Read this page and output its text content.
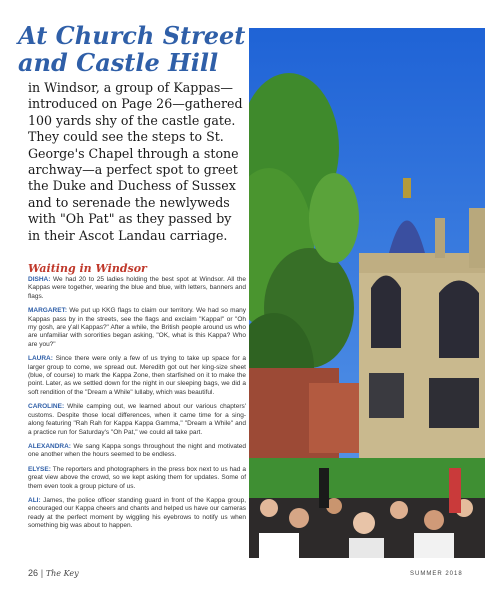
At Church Street
and Castle Hill

in Windsor, a group of Kappas—introduced on Page 26—gathered 100 yards shy of the castle gate. They could see the steps to St. George's Chapel through a stone archway—a perfect spot to greet the Duke and Duchess of Sussex and to serenade the newlyweds with "Oh Pat" as they passed by in their Ascot Landau carriage.

Waiting in Windsor

DISHA: We had 20 to 25 ladies holding the best spot at Windsor. All the Kappas were together, wearing the blue and blue, with letters, banners and flags.

MARGARET: We put up KKG flags to claim our territory. We had so many Kappas pass by in the streets, see the flags and exclaim "Kappa!" or "Oh my gosh, are y'all Kappas?" After a while, the British people around us who are unfamiliar with sororities began asking, "OK, what is this Kappa? Who are you?"

LAURA: Since there were only a few of us trying to take up space for a larger group to come, we spread out. Meredith got out her king-size sheet (blue, of course) to mark the Kappa Zone, then starfished on it to make the point. Later, as we settled down for the night in our sleeping bags, we did a soft rendition of the "Dream a While" lullaby, which was beautiful.

CAROLINE: While camping out, we learned about our various chapters' customs. Despite those local differences, when it came time for a sing-along featuring "Rah Rah for Kappa Kappa Gamma," "Dream a While" and a practice run for Saturday's "Oh Pat," we could all take part.

ALEXANDRA: We sang Kappa songs throughout the night and motivated one another when the hours seemed to be endless.

ELYSE: The reporters and photographers in the press box next to us had a great view above the crowd, so we kept asking them for updates. Some of them even took a group picture of us.

ALI: James, the police officer standing guard in front of the Kappa group, encouraged our Kappa cheers and chants and helped us have our cameras ready at the perfect moment by wiggling his eyebrows to notify us when something big was about to happen.

26 | The Key	SUMMER 2018
